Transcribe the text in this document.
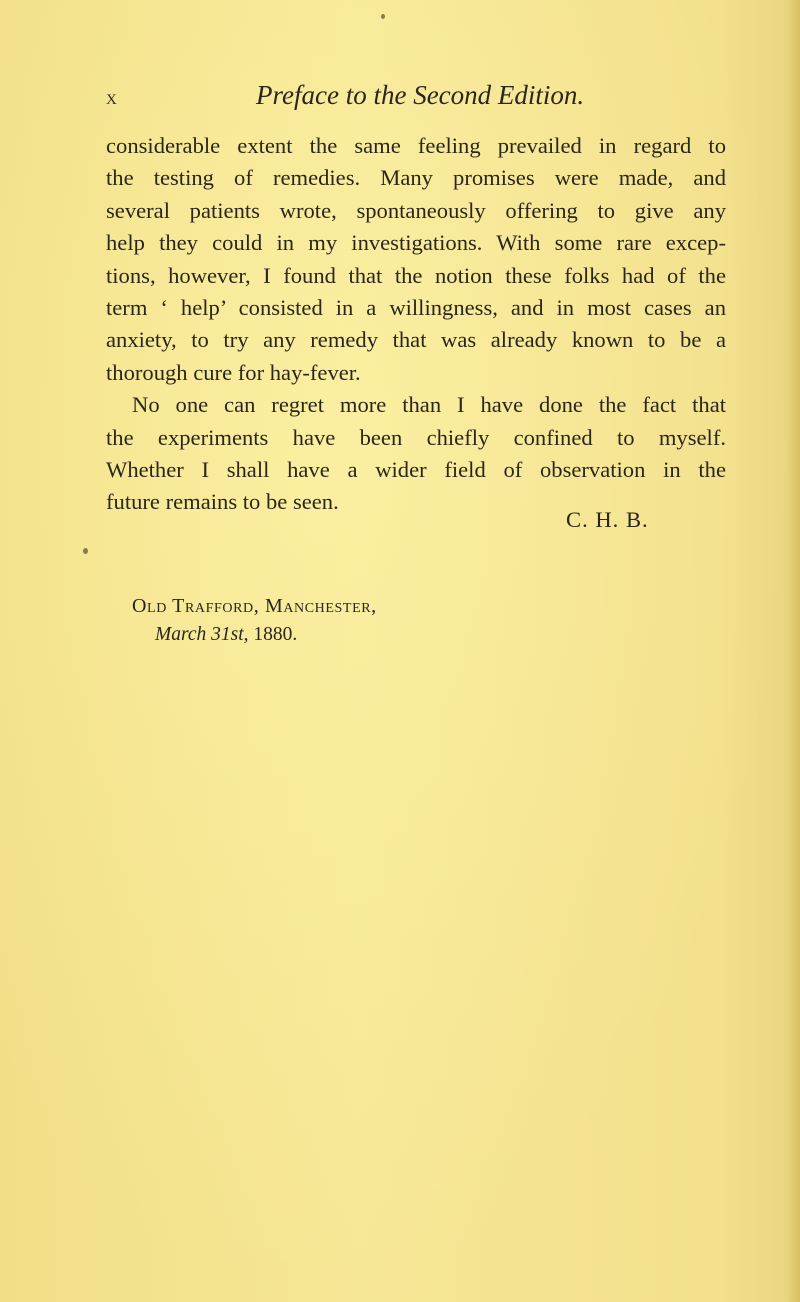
x	Preface to the Second Edition.
considerable extent the same feeling prevailed in regard to
the testing of remedies. Many promises were made, and
several patients wrote, spontaneously offering to give any
help they could in my investigations. With some rare excep-
tions, however, I found that the notion these folks had of the
term ‘ help’ consisted in a willingness, and in most cases an
anxiety, to try any remedy that was already known to be a
thorough cure for hay-fever.
No one can regret more than I have done the fact that
the experiments have been chiefly confined to myself.
Whether I shall have a wider field of observation in the
future remains to be seen.
C. H. B.
Old Trafford, Manchester,
March 31st, 1880.
